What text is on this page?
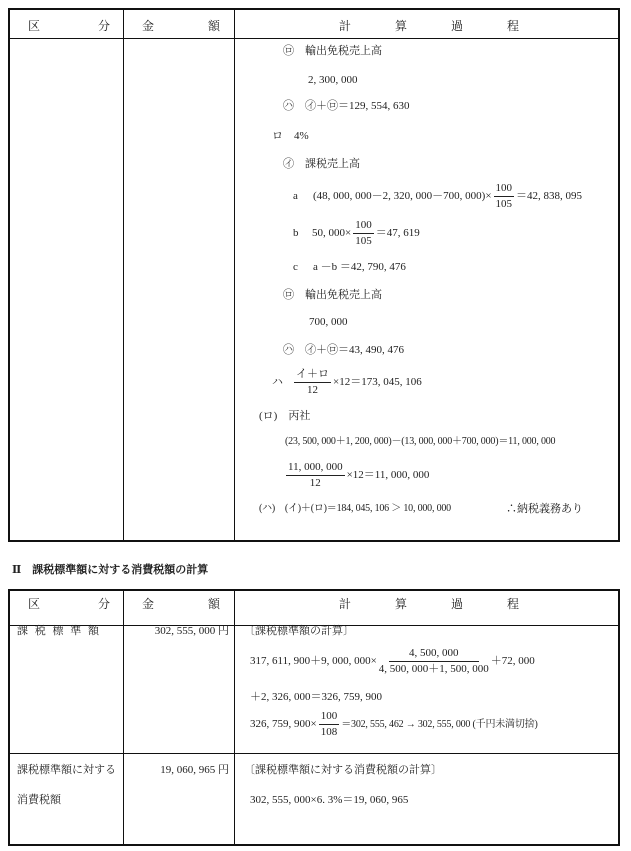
区	分	金	額	計	算	過	程
㋺　輸出免税売上高
2, 300, 000
㋩　㋑＋㋺＝129, 554, 630
ロ　4%
㋑　課税売上高
a (48, 000, 000－2, 320, 000－700, $000)\times \frac{100}{105} =42$, 838, 095
b 50, $000\times \frac{100}{105} =47$, 619
c a －b ＝42, 790, 476
㋺　輸出免税売上高
700, 000
㋩　㋑＋㋺＝43, 490, 476
ハ $\frac{\text{イ＋ロ}}{12} \times 12=173$, 045, 106
(ロ)　丙社
(23, 500, 000＋1, 200, 000)－(13, 000, 000＋700, 000)＝11, 000, 000
$\frac{11, 000, 000}{12} \times 12=11$, 000, 000
(ハ)　(イ)＋(ロ)＝184, 045, 106 ＞ 10, 000, 000	∴納税義務あり
Ⅱ　課税標準額に対する消費税額の計算
区	分	金	額	計	算	過	程
課 税 標 準 額	302, 555, 000 円 〔課税標準額の計算〕
317, 611, 900＋9, 000, $000\times \frac{4, 500, 000}{4, 500, 000+1, 500, 000} +72$, 000
＋2, 326, 000＝326, 759, 900
326, 759, $900\times \frac{100}{108} =302$, 555, 462 → 302, 555, 000 (千円未満切捨)
課税標準額に対する
消費税額
19, 060, 965 円 〔課税標準額に対する消費税額の計算〕
302, 555, 000×6. 3%＝19, 060, 965
